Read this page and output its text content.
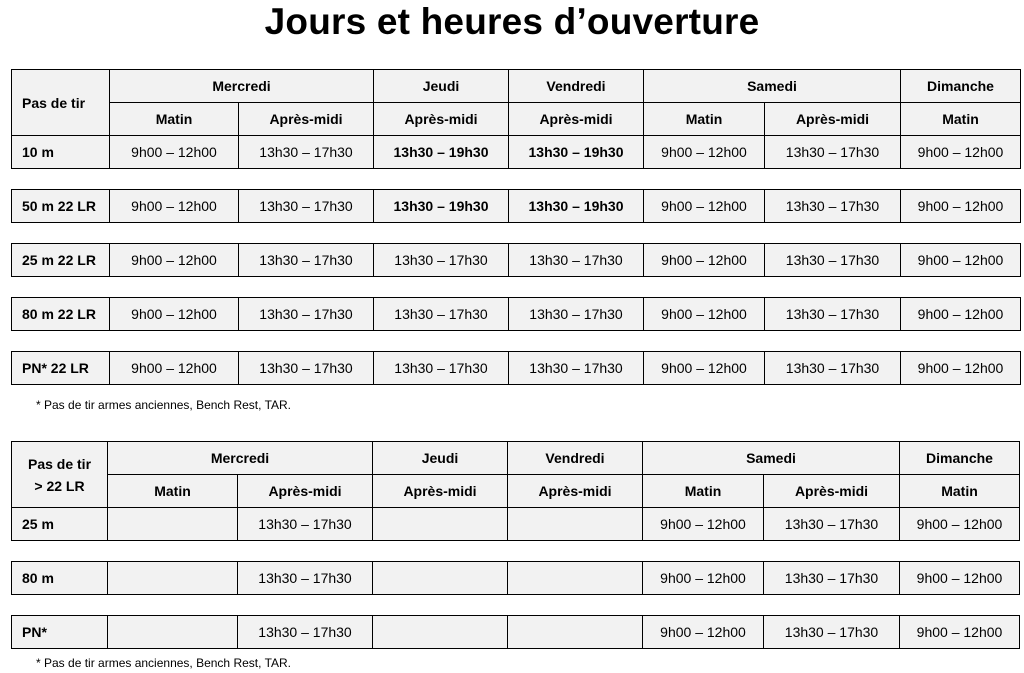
Jours et heures d’ouverture
Pas de tir	Mercredi		Jeudi	Vendredi	Samedi		Dimanche
	Matin	Après-midi	Après-midi	Après-midi	Matin	Après-midi	Matin
10 m	9h00 – 12h00	13h30 – 17h30	13h30 – 19h30	13h30 – 19h30	9h00 – 12h00	13h30 – 17h30	9h00 – 12h00

50 m 22 LR	9h00 – 12h00	13h30 – 17h30	13h30 – 19h30	13h30 – 19h30	9h00 – 12h00	13h30 – 17h30	9h00 – 12h00

25 m 22 LR	9h00 – 12h00	13h30 – 17h30	13h30 – 17h30	13h30 – 17h30	9h00 – 12h00	13h30 – 17h30	9h00 – 12h00

80 m 22 LR	9h00 – 12h00	13h30 – 17h30	13h30 – 17h30	13h30 – 17h30	9h00 – 12h00	13h30 – 17h30	9h00 – 12h00

PN* 22 LR	9h00 – 12h00	13h30 – 17h30	13h30 – 17h30	13h30 – 17h30	9h00 – 12h00	13h30 – 17h30	9h00 – 12h00
* Pas de tir armes anciennes, Bench Rest, TAR.
Pas de tir
> 22 LR	Mercredi		Jeudi	Vendredi	Samedi		Dimanche
	Matin	Après-midi	Après-midi	Après-midi	Matin	Après-midi	Matin
25 m		13h30 – 17h30			9h00 – 12h00	13h30 – 17h30	9h00 – 12h00

80 m		13h30 – 17h30			9h00 – 12h00	13h30 – 17h30	9h00 – 12h00

PN*		13h30 – 17h30			9h00 – 12h00	13h30 – 17h30	9h00 – 12h00
* Pas de tir armes anciennes, Bench Rest, TAR.
